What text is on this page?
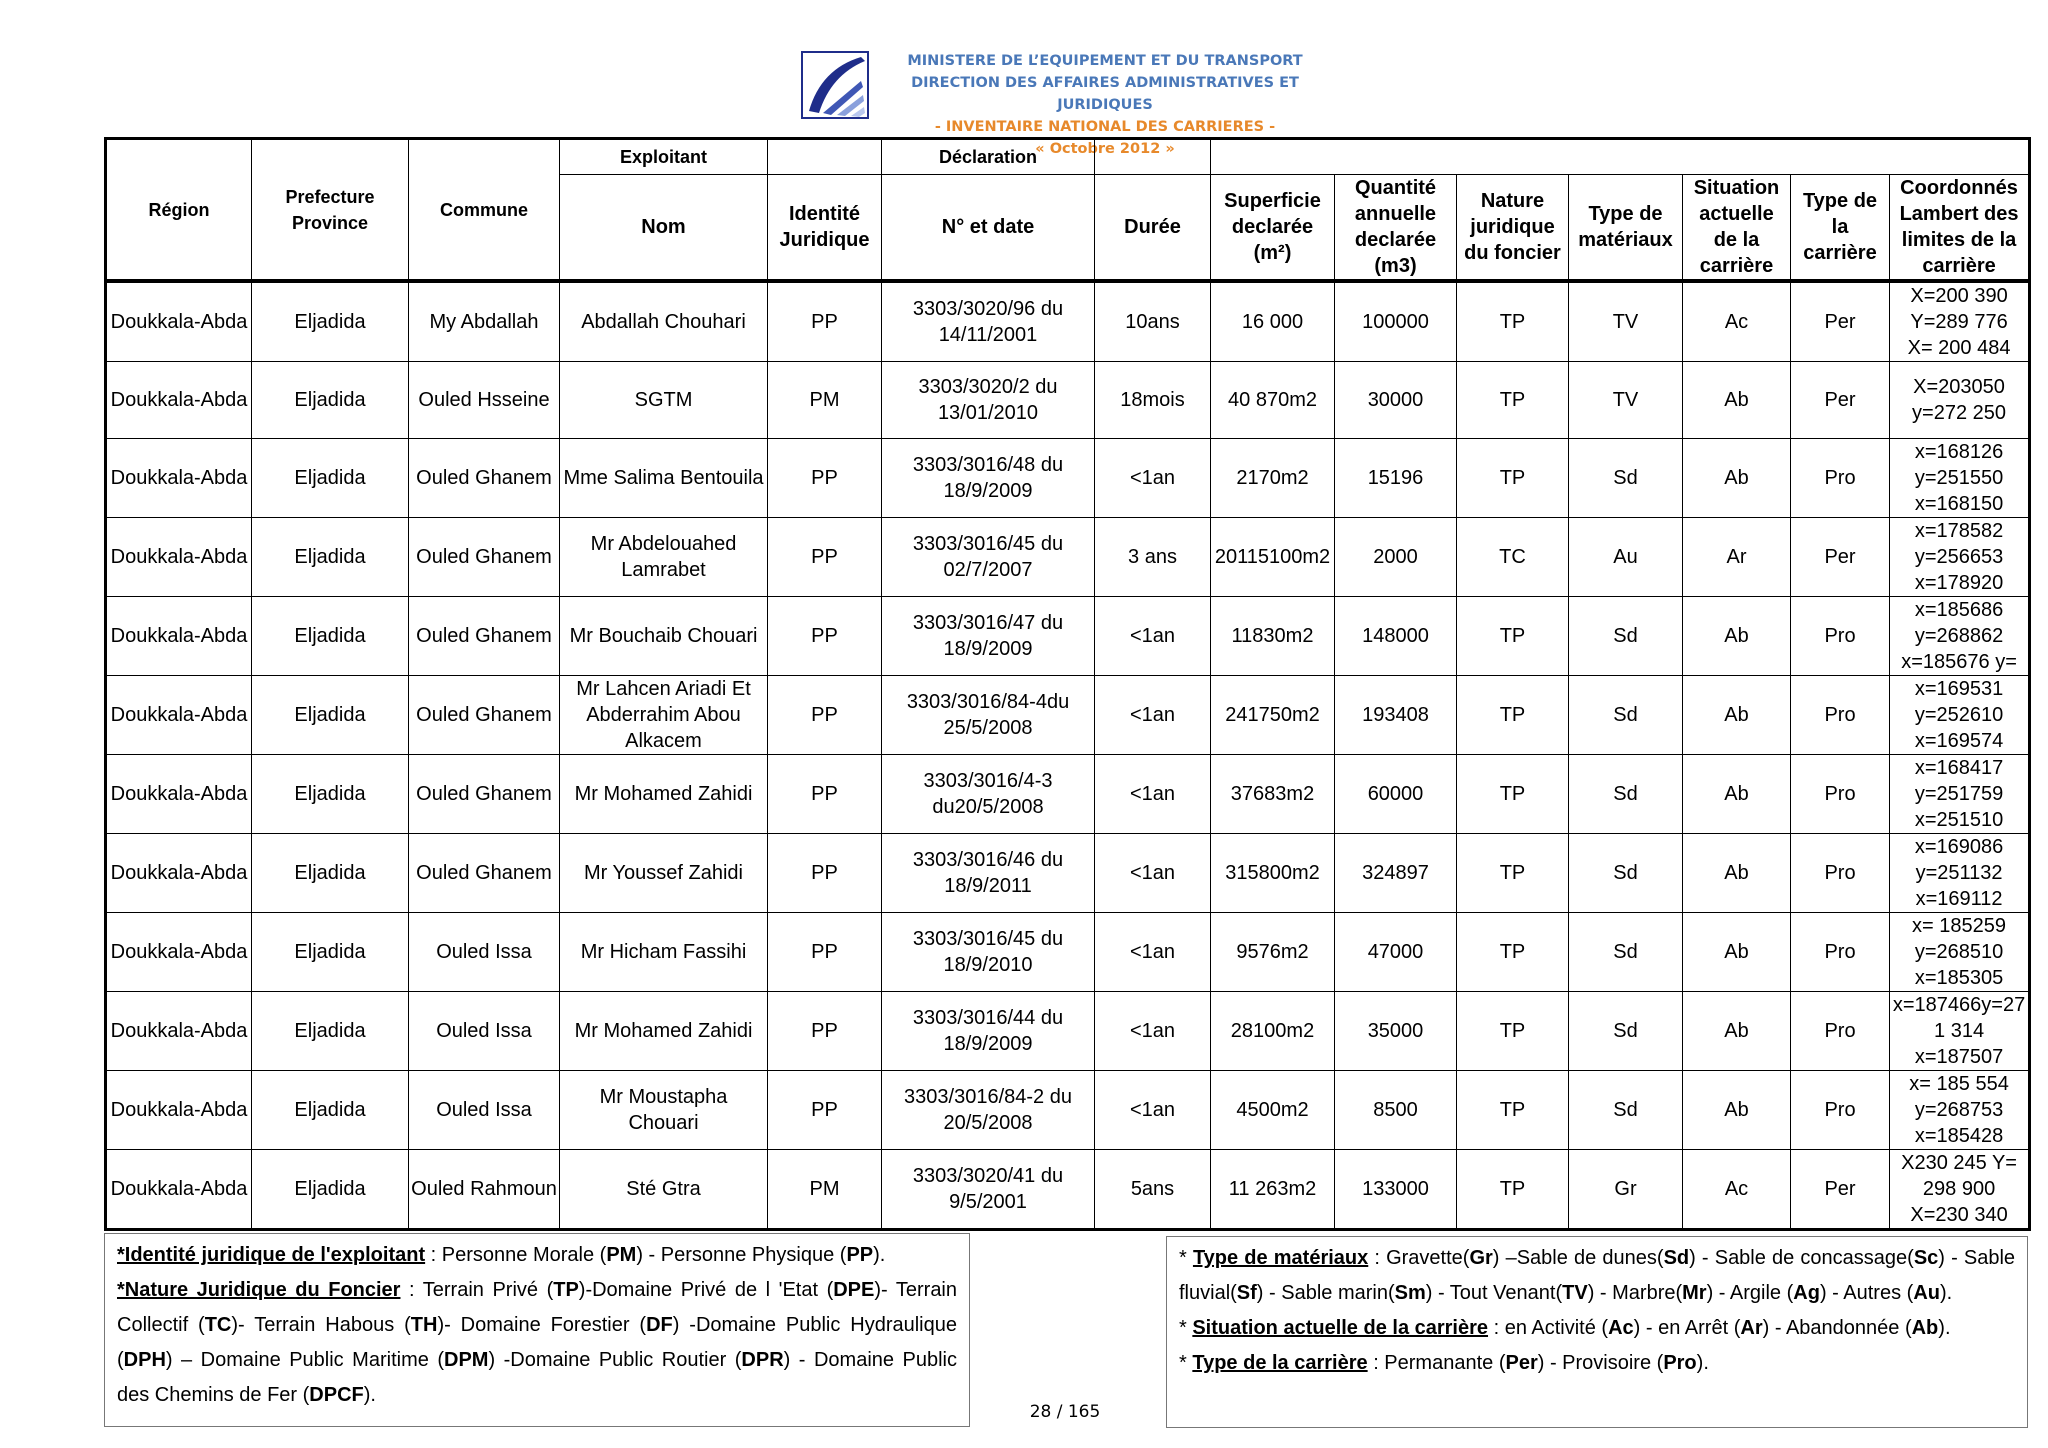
MINISTERE DE L’EQUIPEMENT ET DU TRANSPORT
DIRECTION DES AFFAIRES ADMINISTRATIVES ET JURIDIQUES
- INVENTAIRE NATIONAL DES CARRIERES -
« Octobre 2012 »
Région	Prefecture Province	Commune	Exploitant		Déclaration								
			Nom	Identité Juridique	N° et date	Durée	Superficie declarée (m²)	Quantité annuelle declarée (m3)	Nature juridique du foncier	Type de matériaux	Situation actuelle de la carrière	Type de la carrière	Coordonnés Lambert des limites de la carrière
Doukkala-Abda	Eljadida	My Abdallah	Abdallah Chouhari	PP	3303/3020/96 du 14/11/2001	10ans	16 000	100000	TP	TV	Ac	Per	X=200 390
Y=289 776
X= 200 484

Doukkala-Abda	Eljadida	Ouled Hsseine	SGTM	PM	3303/3020/2 du 13/01/2010	18mois	40 870m2	30000	TP	TV	Ab	Per	X=203050
y=272 250

Doukkala-Abda	Eljadida	Ouled Ghanem	Mme Salima Bentouila	PP	3303/3016/48 du 18/9/2009	<1an	2170m2	15196	TP	Sd	Ab	Pro	x=168126
y=251550
x=168150

Doukkala-Abda	Eljadida	Ouled Ghanem	Mr Abdelouahed Lamrabet	PP	3303/3016/45 du 02/7/2007	3 ans	20115100m2	2000	TC	Au	Ar	Per	x=178582
y=256653
x=178920

Doukkala-Abda	Eljadida	Ouled Ghanem	Mr Bouchaib Chouari	PP	3303/3016/47 du 18/9/2009	<1an	11830m2	148000	TP	Sd	Ab	Pro	x=185686
y=268862
x=185676 y=

Doukkala-Abda	Eljadida	Ouled Ghanem	Mr Lahcen Ariadi Et Abderrahim Abou Alkacem	PP	3303/3016/84-4du 25/5/2008	<1an	241750m2	193408	TP	Sd	Ab	Pro	x=169531
y=252610
x=169574

Doukkala-Abda	Eljadida	Ouled Ghanem	Mr Mohamed Zahidi	PP	3303/3016/4-3 du20/5/2008	<1an	37683m2	60000	TP	Sd	Ab	Pro	x=168417
y=251759
x=251510

Doukkala-Abda	Eljadida	Ouled Ghanem	Mr Youssef Zahidi	PP	3303/3016/46 du 18/9/2011	<1an	315800m2	324897	TP	Sd	Ab	Pro	x=169086
y=251132
x=169112

Doukkala-Abda	Eljadida	Ouled Issa	Mr Hicham Fassihi	PP	3303/3016/45 du 18/9/2010	<1an	9576m2	47000	TP	Sd	Ab	Pro	x= 185259
y=268510
x=185305

Doukkala-Abda	Eljadida	Ouled Issa	Mr Mohamed Zahidi	PP	3303/3016/44 du 18/9/2009	<1an	28100m2	35000	TP	Sd	Ab	Pro	x=187466y=27
1 314
x=187507

Doukkala-Abda	Eljadida	Ouled Issa	Mr Moustapha Chouari	PP	3303/3016/84-2 du 20/5/2008	<1an	4500m2	8500	TP	Sd	Ab	Pro	x= 185 554
y=268753
x=185428

Doukkala-Abda	Eljadida	Ouled Rahmoun	Sté Gtra	PM	3303/3020/41 du 9/5/2001	5ans	11 263m2	133000	TP	Gr	Ac	Per	X230 245 Y=
298 900
X=230 340
*Identité juridique de l'exploitant : Personne Morale (PM) - Personne Physique (PP).
*Nature Juridique du Foncier : Terrain Privé (TP)-Domaine Privé de l 'Etat (DPE)- Terrain Collectif (TC)- Terrain Habous (TH)- Domaine Forestier (DF) -Domaine Public Hydraulique (DPH) – Domaine Public Maritime (DPM) -Domaine Public Routier (DPR) - Domaine Public des Chemins de Fer (DPCF).
* Type de matériaux : Gravette(Gr) –Sable de dunes(Sd) - Sable de concassage(Sc) - Sable fluvial(Sf) - Sable marin(Sm) - Tout Venant(TV) - Marbre(Mr) - Argile (Ag) - Autres (Au).
* Situation actuelle de la carrière : en Activité (Ac) - en Arrêt (Ar) - Abandonnée (Ab).
* Type de la carrière : Permanante (Per) - Provisoire (Pro).
28 / 165
